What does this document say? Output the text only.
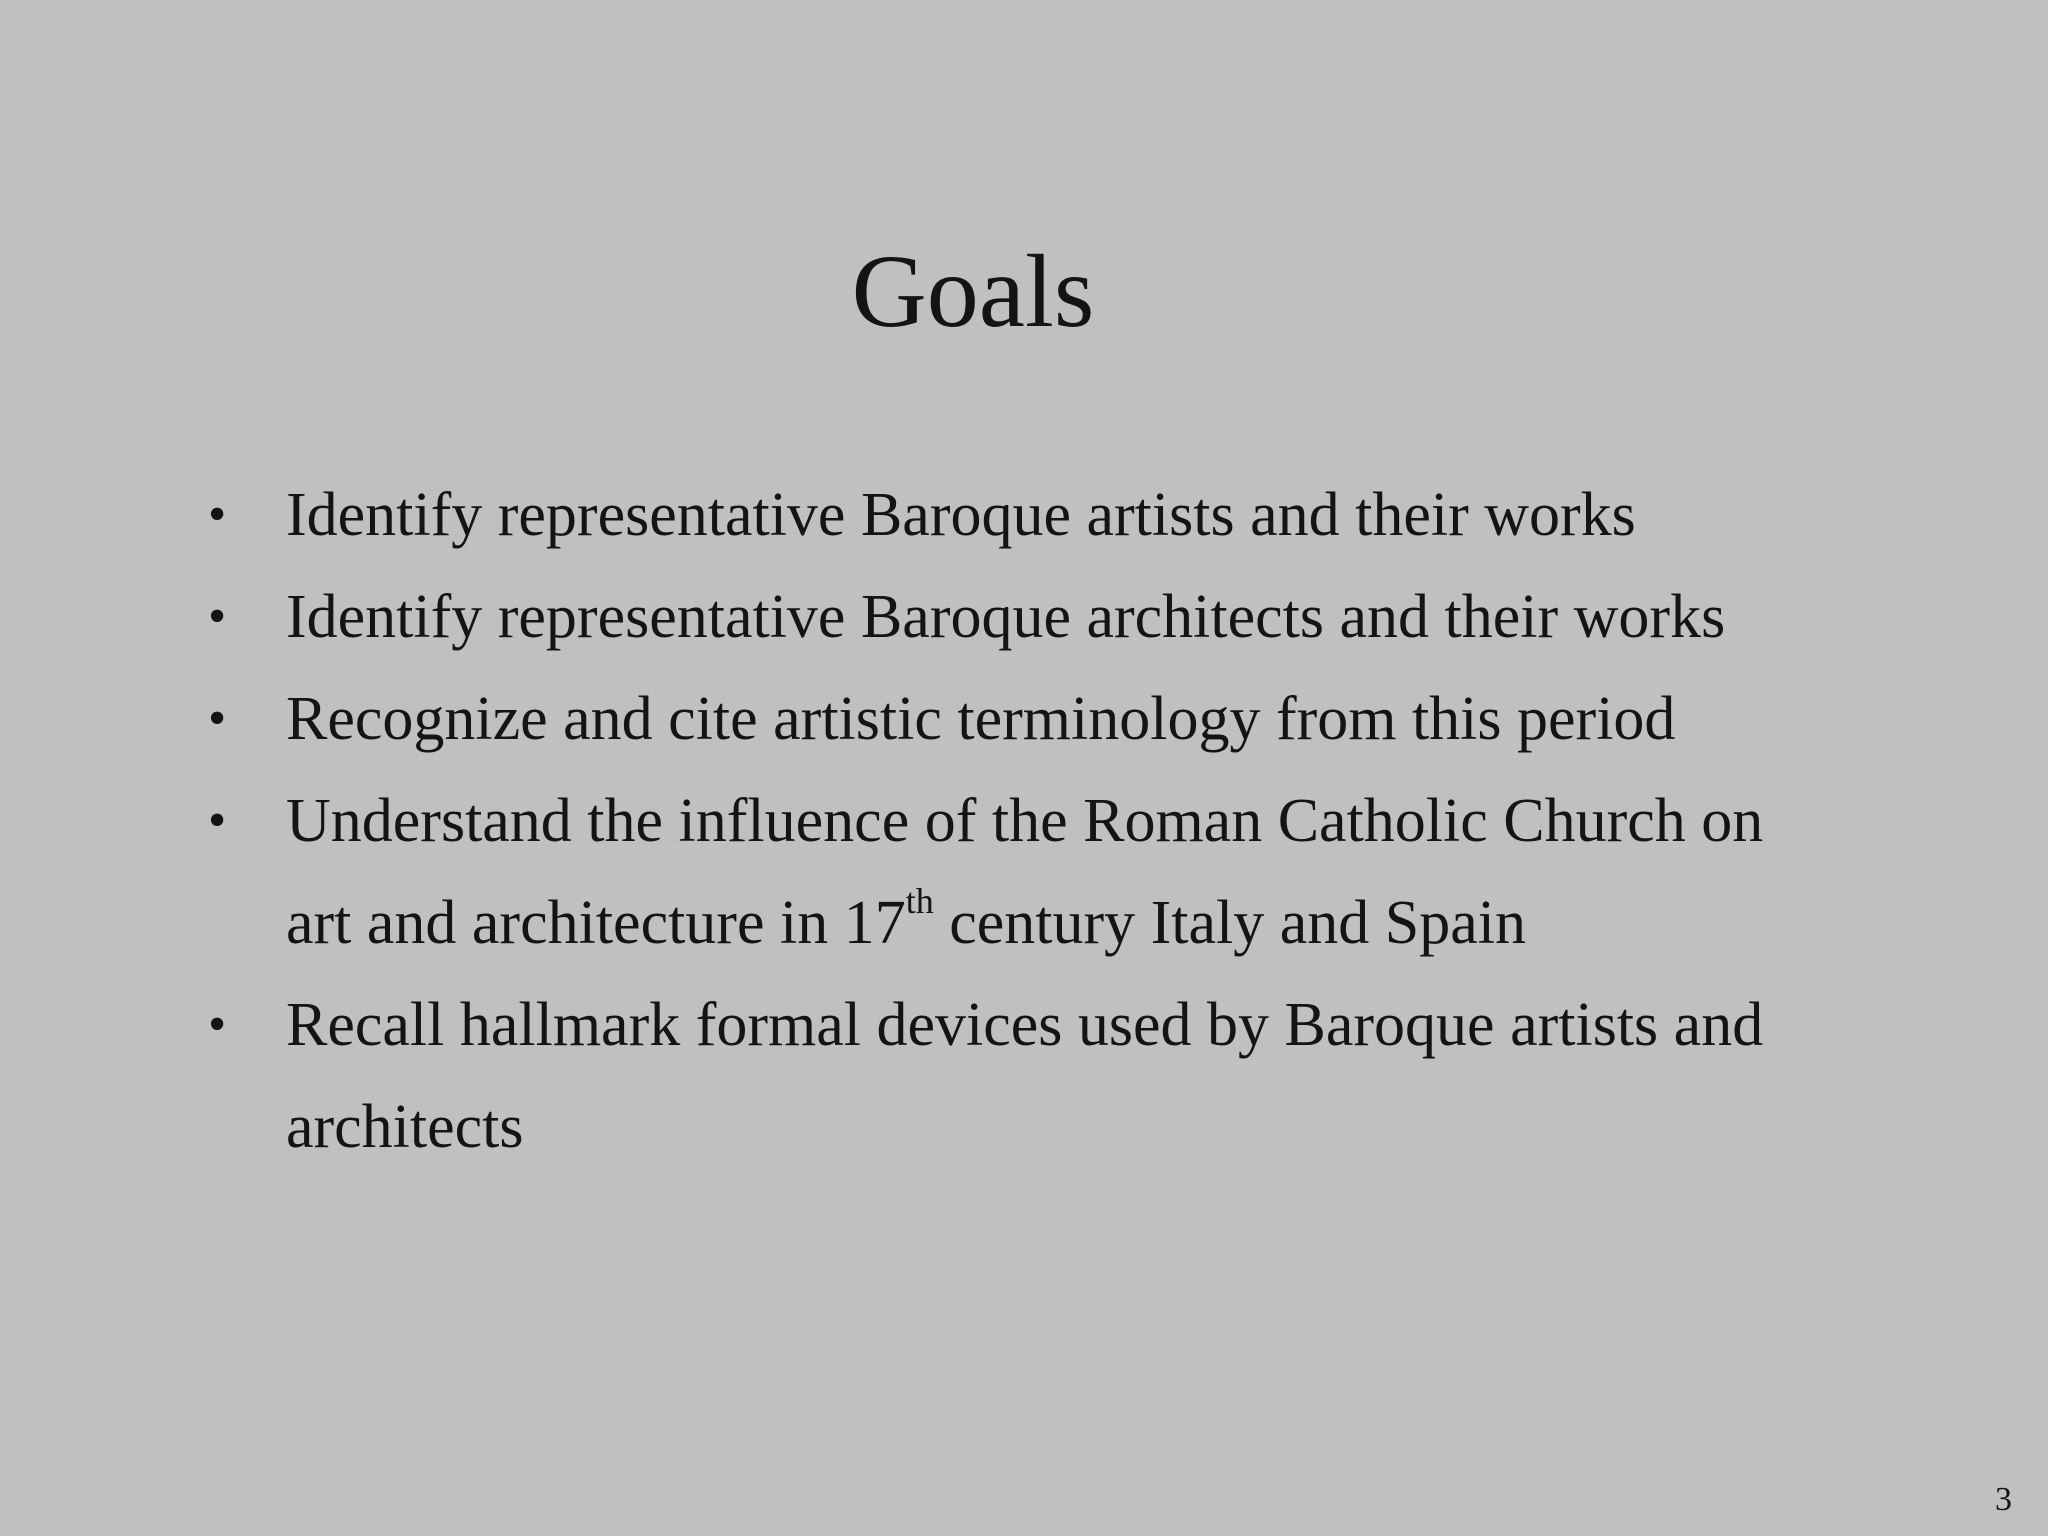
Goals
• Identify representative Baroque artists and their works
• Identify representative Baroque architects and their works
• Recognize and cite artistic terminology from this period
• Understand the influence of the Roman Catholic Church on
art and architecture in 17th century Italy and Spain
• Recall hallmark formal devices used by Baroque artists and
architects
3
